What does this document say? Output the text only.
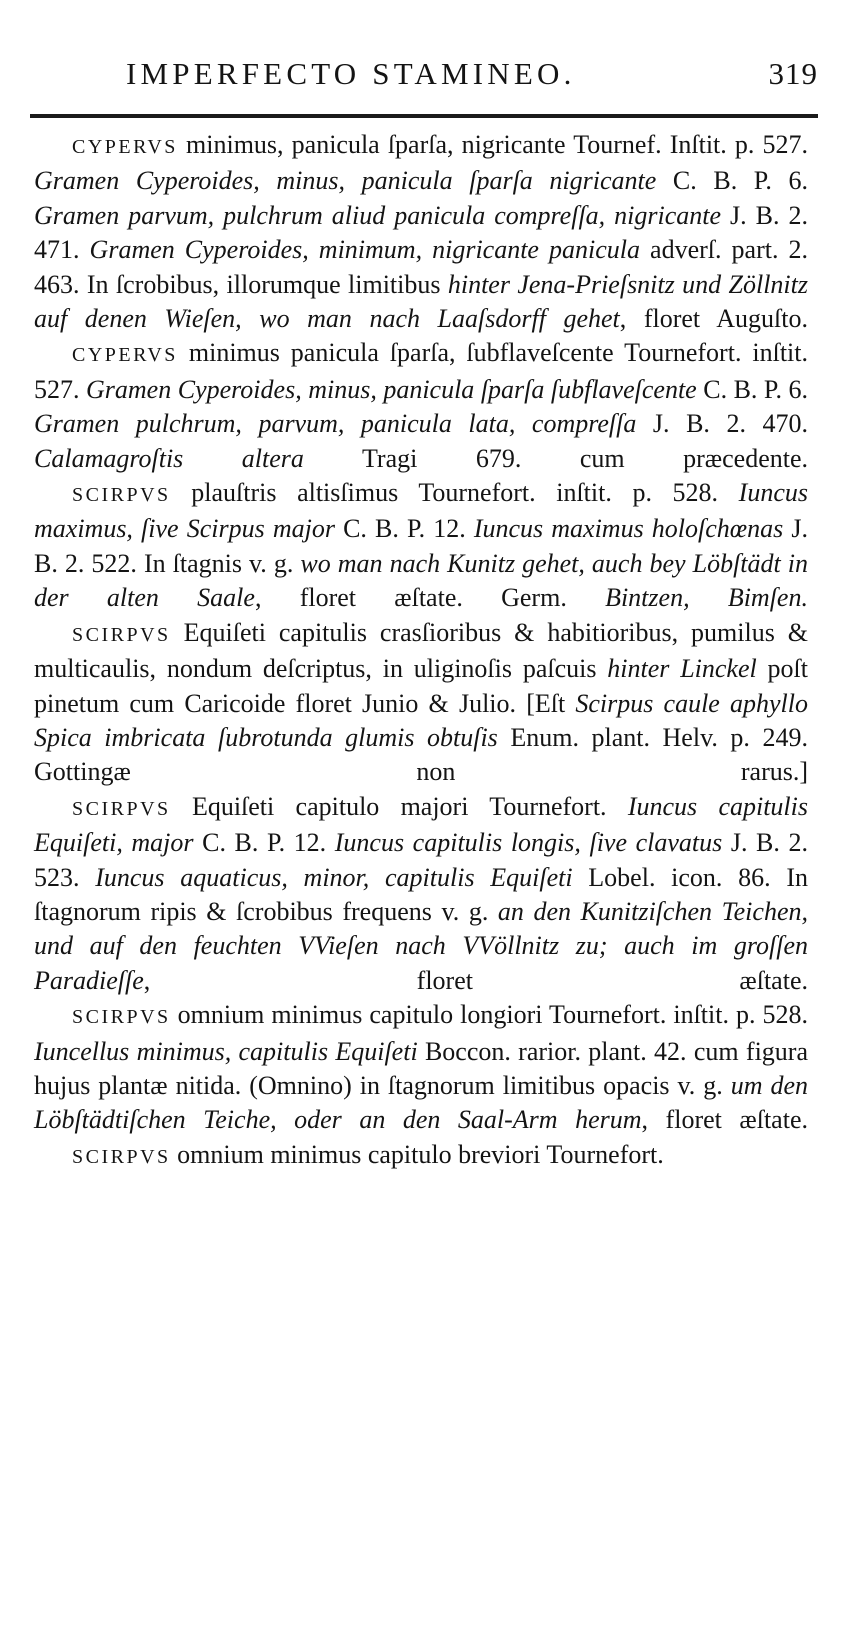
IMPERFECTO STAMINEO.	319

CYPERVS minimus, panicula ſparſa, nigricante Tournef. Inſtit. p. 527. Gramen Cyperoides, minus, panicula ſparſa nigricante C. B. P. 6. Gramen parvum, pulchrum aliud panicula compreſſa, nigricante J. B. 2. 471. Gramen Cyperoides, minimum, nigricante panicula adverſ. part. 2. 463. In ſcrobibus, illorumque limitibus hinter Jena-Prieſsnitz und Zöllnitz auf denen Wieſen, wo man nach Laaſsdorff gehet, floret Auguſto.

CYPERVS minimus panicula ſparſa, ſubflaveſcente Tournefort. inſtit. 527. Gramen Cyperoides, minus, panicula ſparſa ſubflaveſcente C. B. P. 6. Gramen pulchrum, parvum, panicula lata, compreſſa J. B. 2. 470. Calamagroſtis altera Tragi 679. cum præcedente.

SCIRPVS plauſtris altisſimus Tournefort. inſtit. p. 528. Iuncus maximus, ſive Scirpus major C. B. P. 12. Iuncus maximus holoſchœnas J. B. 2. 522. In ſtagnis v. g. wo man nach Kunitz gehet, auch bey Löbſtädt in der alten Saale, floret æſtate. Germ. Bintzen, Bimſen.

SCIRPVS Equiſeti capitulis crasſioribus & habitioribus, pumilus & multicaulis, nondum deſcriptus, in uliginoſis paſcuis hinter Linckel poſt pinetum cum Caricoide floret Junio & Julio. [Eſt Scirpus caule aphyllo Spica imbricata ſubrotunda glumis obtuſis Enum. plant. Helv. p. 249. Gottingæ non rarus.]

SCIRPVS Equiſeti capitulo majori Tournefort. Iuncus capitulis Equiſeti, major C. B. P. 12. Iuncus capitulis longis, ſive clavatus J. B. 2. 523. Iuncus aquaticus, minor, capitulis Equiſeti Lobel. icon. 86. In ſtagnorum ripis & ſcrobibus frequens v. g. an den Kunitziſchen Teichen, und auf den feuchten VVieſen nach VVöllnitz zu; auch im groſſen Paradieſſe, floret æſtate.

SCIRPVS omnium minimus capitulo longiori Tournefort. inſtit. p. 528. Iuncellus minimus, capitulis Equiſeti Boccon. rarior. plant. 42. cum figura hujus plantæ nitida. (Omnino) in ſtagnorum limitibus opacis v. g. um den Löbſtädtiſchen Teiche, oder an den Saal-Arm herum, floret æſtate.

SCIRPVS omnium minimus capitulo breviori Tournefort.
